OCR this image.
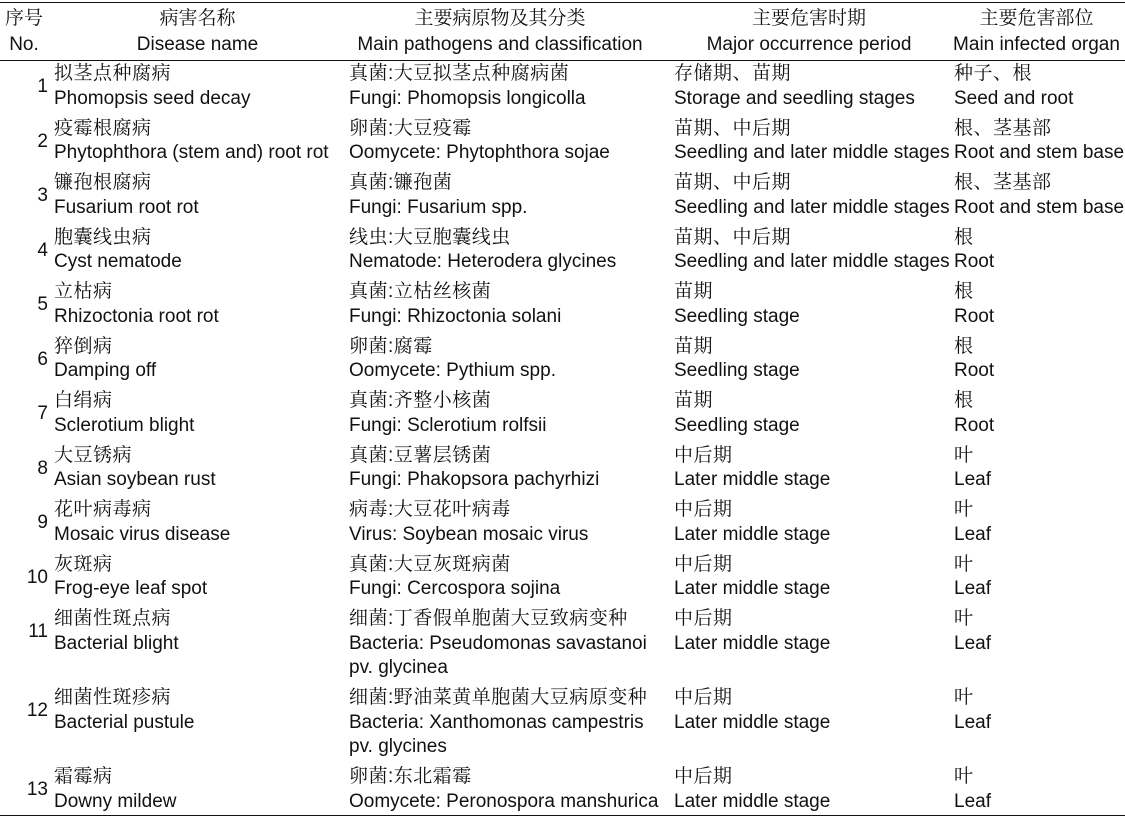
序号
No.
病害名称
Disease name
主要病原物及其分类
Main pathogens and classification
主要危害时期
Major occurrence period
主要危害部位
Main infected organ
1
拟茎点种腐病
Phomopsis seed decay
真菌:大豆拟茎点种腐病菌
Fungi: Phomopsis longicolla
存储期、苗期
Storage and seedling stages
种子、根
Seed and root
2
疫霉根腐病
Phytophthora (stem and) root rot
卵菌:大豆疫霉
Oomycete: Phytophthora sojae
苗期、中后期
Seedling and later middle stages
根、茎基部
Root and stem base
3
镰孢根腐病
Fusarium root rot
真菌:镰孢菌
Fungi: Fusarium spp.
苗期、中后期
Seedling and later middle stages
根、茎基部
Root and stem base
4
胞囊线虫病
Cyst nematode
线虫:大豆胞囊线虫
Nematode: Heterodera glycines
苗期、中后期
Seedling and later middle stages
根
Root
5
立枯病
Rhizoctonia root rot
真菌:立枯丝核菌
Fungi: Rhizoctonia solani
苗期
Seedling stage
根
Root
6
猝倒病
Damping off
卵菌:腐霉
Oomycete: Pythium spp.
苗期
Seedling stage
根
Root
7
白绢病
Sclerotium blight
真菌:齐整小核菌
Fungi: Sclerotium rolfsii
苗期
Seedling stage
根
Root
8
大豆锈病
Asian soybean rust
真菌:豆薯层锈菌
Fungi: Phakopsora pachyrhizi
中后期
Later middle stage
叶
Leaf
9
花叶病毒病
Mosaic virus disease
病毒:大豆花叶病毒
Virus: Soybean mosaic virus
中后期
Later middle stage
叶
Leaf
10
灰斑病
Frog-eye leaf spot
真菌:大豆灰斑病菌
Fungi: Cercospora sojina
中后期
Later middle stage
叶
Leaf
11
细菌性斑点病
Bacterial blight
细菌:丁香假单胞菌大豆致病变种
Bacteria: Pseudomonas savastanoi
pv. glycinea
中后期
Later middle stage
叶
Leaf
12
细菌性斑疹病
Bacterial pustule
细菌:野油菜黄单胞菌大豆病原变种
Bacteria: Xanthomonas campestris
pv. glycines
中后期
Later middle stage
叶
Leaf
13
霜霉病
Downy mildew
卵菌:东北霜霉
Oomycete: Peronospora manshurica
中后期
Later middle stage
叶
Leaf
